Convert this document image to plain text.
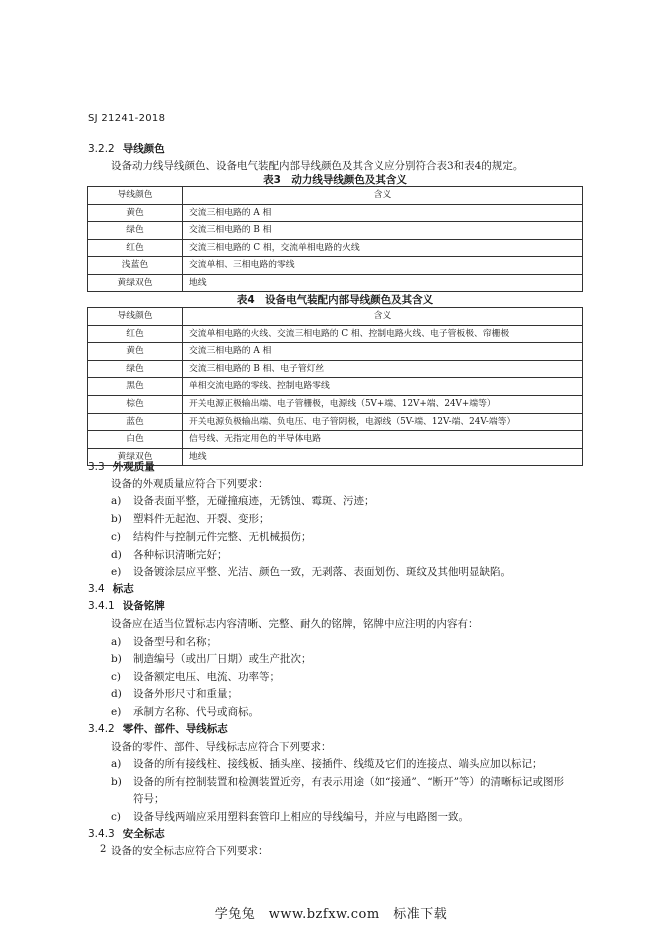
SJ 21241-2018
3.2.2 导线颜色
设备动力线导线颜色、设备电气装配内部导线颜色及其含义应分别符合表3和表4的规定。
表3　动力线导线颜色及其含义
导线颜色	含义
黄色	交流三相电路的 A 相
绿色	交流三相电路的 B 相
红色	交流三相电路的 C 相，交流单相电路的火线
浅蓝色	交流单相、三相电路的零线
黄绿双色	地线
表4　设备电气装配内部导线颜色及其含义
导线颜色	含义
红色	交流单相电路的火线、交流三相电路的 C 相、控制电路火线、电子管板极、帘栅极
黄色	交流三相电路的 A 相
绿色	交流三相电路的 B 相、电子管灯丝
黑色	单相交流电路的零线、控制电路零线
棕色	开关电源正极输出端、电子管栅极，电源线（5V+端、12V+端、24V+端等）
蓝色	开关电源负极输出端、负电压、电子管阴极，电源线（5V-端、12V-端、24V-端等）
白色	信号线、无指定用色的半导体电路
黄绿双色	地线
3.3 外观质量
设备的外观质量应符合下列要求：
a) 设备表面平整，无碰撞痕迹，无锈蚀、霉斑、污迹；
b) 塑料件无起泡、开裂、变形；
c) 结构件与控制元件完整、无机械损伤；
d) 各种标识清晰完好；
e) 设备镀涂层应平整、光洁、颜色一致，无剥落、表面划伤、斑纹及其他明显缺陷。
3.4 标志
3.4.1 设备铭牌
设备应在适当位置标志内容清晰、完整、耐久的铭牌，铭牌中应注明的内容有：
a) 设备型号和名称；
b) 制造编号（或出厂日期）或生产批次；
c) 设备额定电压、电流、功率等；
d) 设备外形尺寸和重量；
e) 承制方名称、代号或商标。
3.4.2 零件、部件、导线标志
设备的零件、部件、导线标志应符合下列要求：
a) 设备的所有接线柱、接线板、插头座、接插件、线缆及它们的连接点、端头应加以标记；
b) 设备的所有控制装置和检测装置近旁，有表示用途（如“接通”、“断开”等）的清晰标记或图形
符号；
c) 设备导线两端应采用塑料套管印上相应的导线编号，并应与电路图一致。
3.4.3 安全标志
设备的安全标志应符合下列要求：
2
学兔兔　www.bzfxw.com　标准下载
